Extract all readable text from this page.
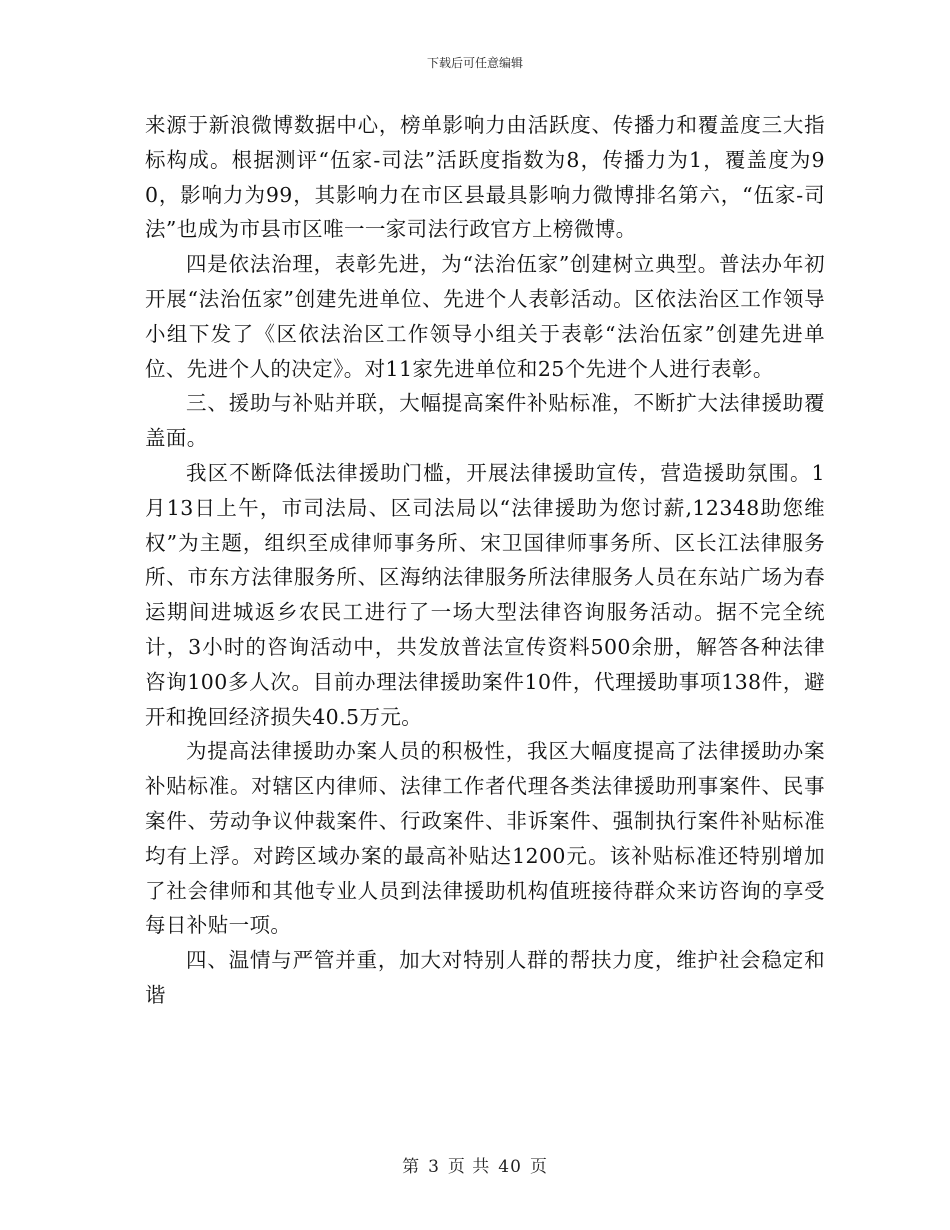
下载后可任意编辑

来源于新浪微博数据中心，榜单影响力由活跃度、传播力和覆盖度三大指标构成。根据测评“伍家-司法”活跃度指数为8，传播力为1，覆盖度为90，影响力为99，其影响力在市区县最具影响力微博排名第六，“伍家-司法”也成为市县市区唯一一家司法行政官方上榜微博。

四是依法治理，表彰先进，为“法治伍家”创建树立典型。普法办年初开展“法治伍家”创建先进单位、先进个人表彰活动。区依法治区工作领导小组下发了《区依法治区工作领导小组关于表彰“法治伍家”创建先进单位、先进个人的决定》。对11家先进单位和25个先进个人进行表彰。

三、援助与补贴并联，大幅提高案件补贴标准，不断扩大法律援助覆盖面。

我区不断降低法律援助门槛，开展法律援助宣传，营造援助氛围。1月13日上午，市司法局、区司法局以“法律援助为您讨薪,12348助您维权”为主题，组织至成律师事务所、宋卫国律师事务所、区长江法律服务所、市东方法律服务所、区海纳法律服务所法律服务人员在东站广场为春运期间进城返乡农民工进行了一场大型法律咨询服务活动。据不完全统计，3小时的咨询活动中，共发放普法宣传资料500余册，解答各种法律咨询100多人次。目前办理法律援助案件10件，代理援助事项138件，避开和挽回经济损失40.5万元。

为提高法律援助办案人员的积极性，我区大幅度提高了法律援助办案补贴标准。对辖区内律师、法律工作者代理各类法律援助刑事案件、民事案件、劳动争议仲裁案件、行政案件、非诉案件、强制执行案件补贴标准均有上浮。对跨区域办案的最高补贴达1200元。该补贴标准还特别增加了社会律师和其他专业人员到法律援助机构值班接待群众来访咨询的享受每日补贴一项。

四、温情与严管并重，加大对特别人群的帮扶力度，维护社会稳定和谐

第 3 页 共 40 页
